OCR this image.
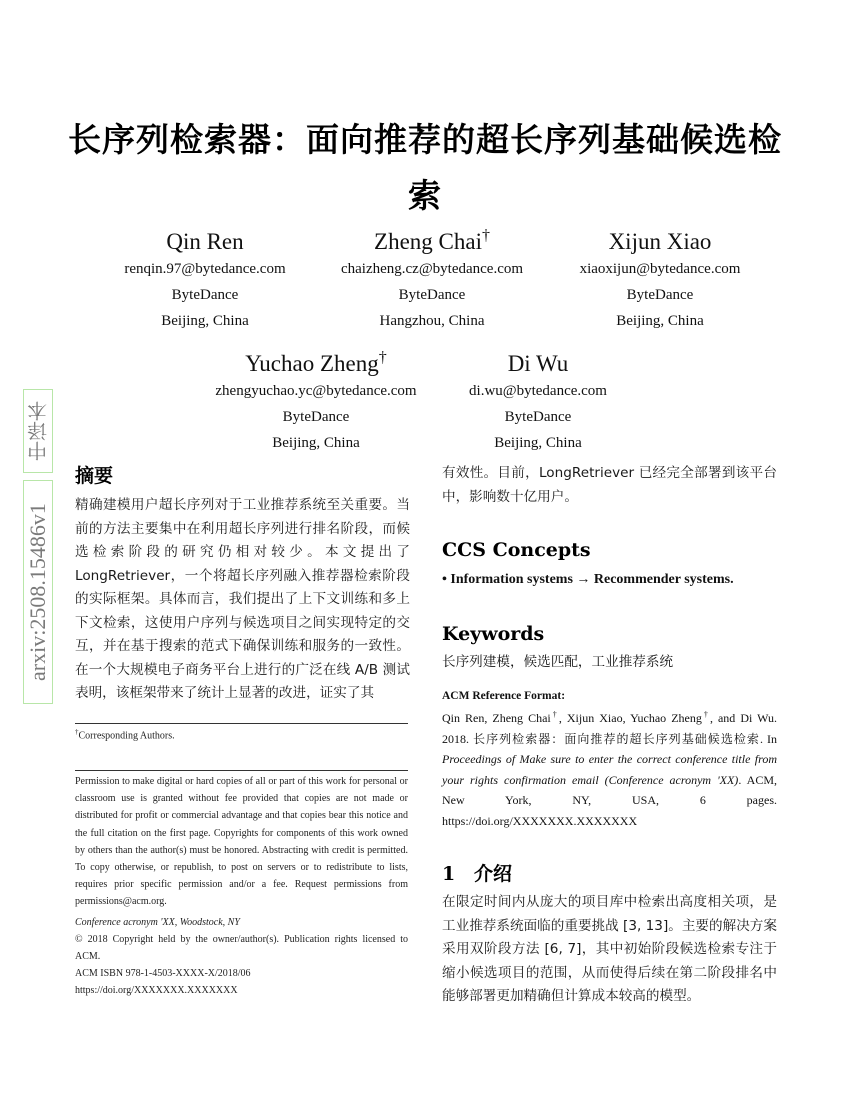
长序列检索器：面向推荐的超长序列基础候选检索
Qin Ren
renqin.97@bytedance.com
ByteDance
Beijing, China
Zheng Chai†
chaizheng.cz@bytedance.com
ByteDance
Hangzhou, China
Xijun Xiao
xiaoxijun@bytedance.com
ByteDance
Beijing, China
Yuchao Zheng†
zhengyuchao.yc@bytedance.com
ByteDance
Beijing, China
Di Wu
di.wu@bytedance.com
ByteDance
Beijing, China
arxiv:2508.15486v1
中译本
摘要
精确建模用户超长序列对于工业推荐系统至关重要。当前的方法主要集中在利用超长序列进行排名阶段，而候选检索阶段的研究仍相对较少。本文提出了 LongRetriever，一个将超长序列融入推荐器检索阶段的实际框架。具体而言，我们提出了上下文训练和多上下文检索，这使用户序列与候选项目之间实现特定的交互，并在基于搜索的范式下确保训练和服务的一致性。在一个大规模电子商务平台上进行的广泛在线 A/B 测试表明，该框架带来了统计上显著的改进，证实了其
†Corresponding Authors.

Permission to make digital or hard copies of all or part of this work for personal or classroom use is granted without fee provided that copies are not made or distributed for profit or commercial advantage and that copies bear this notice and the full citation on the first page. Copyrights for components of this work owned by others than the author(s) must be honored. Abstracting with credit is permitted. To copy otherwise, or republish, to post on servers or to redistribute to lists, requires prior specific permission and/or a fee. Request permissions from permissions@acm.org.

Conference acronym 'XX, Woodstock, NY

© 2018 Copyright held by the owner/author(s). Publication rights licensed to ACM.

ACM ISBN 978-1-4503-XXXX-X/2018/06

https://doi.org/XXXXXXX.XXXXXXX

有效性。目前，LongRetriever 已经完全部署到该平台中，影响数十亿用户。
CCS Concepts
• Information systems → Recommender systems.
Keywords
长序列建模，候选匹配，工业推荐系统
ACM Reference Format:
Qin Ren, Zheng Chai†, Xijun Xiao, Yuchao Zheng†, and Di Wu. 2018. 长序列检索器：面向推荐的超长序列基础候选检索. In Proceedings of Make sure to enter the correct conference title from your rights confirmation email (Conference acronym 'XX). ACM, New York, NY, USA, 6 pages. https://doi.org/XXXXXXX.XXXXXXX
1 介绍
在限定时间内从庞大的项目库中检索出高度相关项，是工业推荐系统面临的重要挑战 [3, 13]。主要的解决方案采用双阶段方法 [6, 7]，其中初始阶段候选检索专注于缩小候选项目的范围，从而使得后续在第二阶段排名中能够部署更加精确但计算成本较高的模型。
